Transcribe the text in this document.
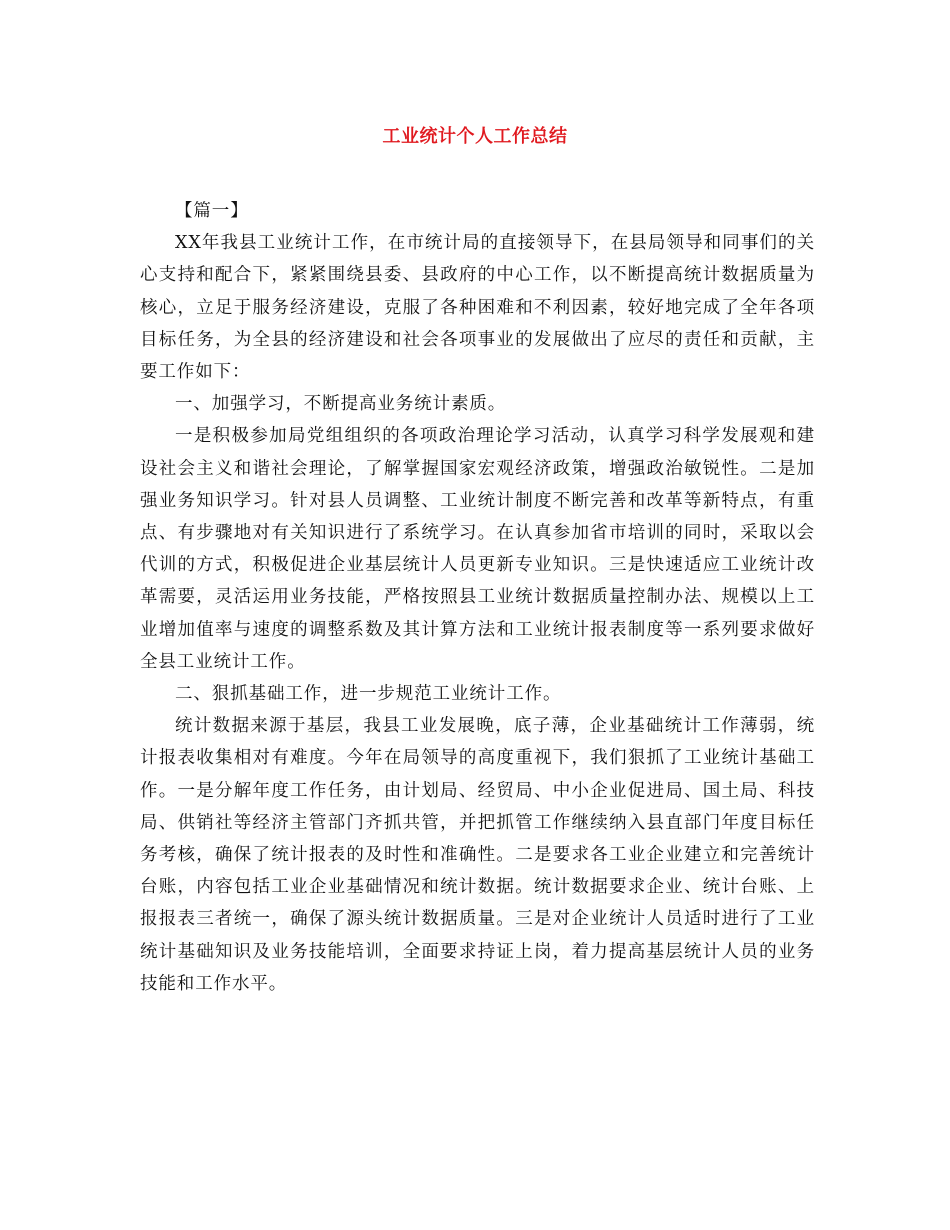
工业统计个人工作总结

【篇一】

XX年我县工业统计工作，在市统计局的直接领导下，在县局领导和同事们的关心支持和配合下，紧紧围绕县委、县政府的中心工作，以不断提高统计数据质量为核心，立足于服务经济建设，克服了各种困难和不利因素，较好地完成了全年各项目标任务，为全县的经济建设和社会各项事业的发展做出了应尽的责任和贡献，主要工作如下：

一、加强学习，不断提高业务统计素质。

一是积极参加局党组组织的各项政治理论学习活动，认真学习科学发展观和建设社会主义和谐社会理论，了解掌握国家宏观经济政策，增强政治敏锐性。二是加强业务知识学习。针对县人员调整、工业统计制度不断完善和改革等新特点，有重点、有步骤地对有关知识进行了系统学习。在认真参加省市培训的同时，采取以会代训的方式，积极促进企业基层统计人员更新专业知识。三是快速适应工业统计改革需要，灵活运用业务技能，严格按照县工业统计数据质量控制办法、规模以上工业增加值率与速度的调整系数及其计算方法和工业统计报表制度等一系列要求做好全县工业统计工作。

二、狠抓基础工作，进一步规范工业统计工作。

统计数据来源于基层，我县工业发展晚，底子薄，企业基础统计工作薄弱，统计报表收集相对有难度。今年在局领导的高度重视下，我们狠抓了工业统计基础工作。一是分解年度工作任务，由计划局、经贸局、中小企业促进局、国土局、科技局、供销社等经济主管部门齐抓共管，并把抓管工作继续纳入县直部门年度目标任务考核，确保了统计报表的及时性和准确性。二是要求各工业企业建立和完善统计台账，内容包括工业企业基础情况和统计数据。统计数据要求企业、统计台账、上报报表三者统一，确保了源头统计数据质量。三是对企业统计人员适时进行了工业统计基础知识及业务技能培训，全面要求持证上岗，着力提高基层统计人员的业务技能和工作水平。
